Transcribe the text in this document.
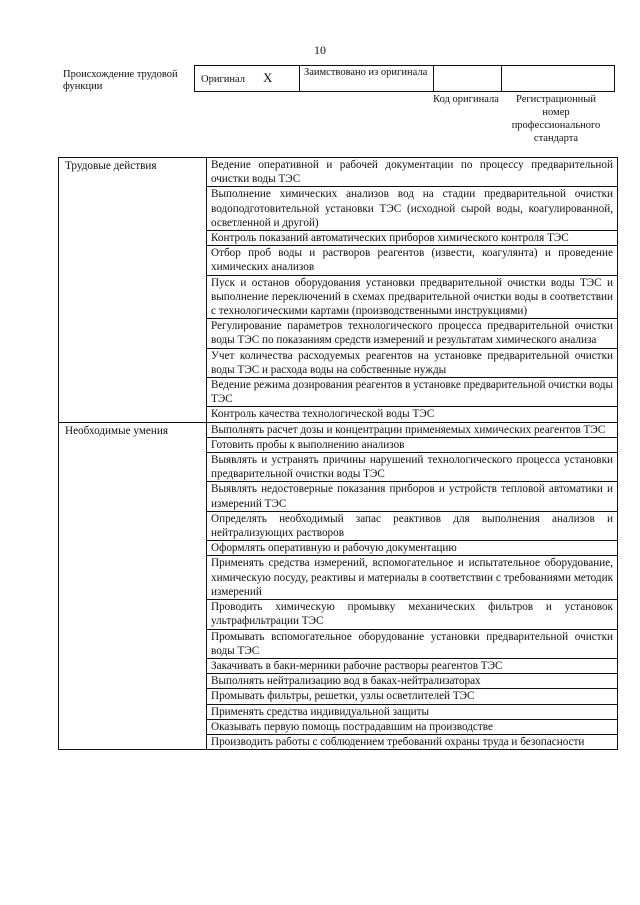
10
Происхождение трудовой функции
Оригинал X	Заимствовано из оригинала		
Код оригинала	Регистрационный номер профессионального стандарта
Трудовые действия	Ведение оперативной и рабочей документации по процессу предварительной очистки воды ТЭС
	Выполнение химических анализов вод на стадии предварительной очистки водоподготовительной установки ТЭС (исходной сырой воды, коагулированной, осветленной и другой)
	Контроль показаний автоматических приборов химического контроля ТЭС
	Отбор проб воды и растворов реагентов (извести, коагулянта) и проведение химических анализов
	Пуск и останов оборудования установки предварительной очистки воды ТЭС и выполнение переключений в схемах предварительной очистки воды в соответствии с технологическими картами (производственными инструкциями)
	Регулирование параметров технологического процесса предварительной очистки воды ТЭС по показаниям средств измерений и результатам химического анализа
	Учет количества расходуемых реагентов на установке предварительной очистки воды ТЭС и расхода воды на собственные нужды
	Ведение режима дозирования реагентов в установке предварительной очистки воды ТЭС
	Контроль качества технологической воды ТЭС
Необходимые умения	Выполнять расчет дозы и концентрации применяемых химических реагентов ТЭС
	Готовить пробы к выполнению анализов
	Выявлять и устранять причины нарушений технологического процесса установки предварительной очистки воды ТЭС
	Выявлять недостоверные показания приборов и устройств тепловой автоматики и измерений ТЭС
	Определять необходимый запас реактивов для выполнения анализов и нейтрализующих растворов
	Оформлять оперативную и рабочую документацию
	Применять средства измерений, вспомогательное и испытательное оборудование, химическую посуду, реактивы и материалы в соответствии с требованиями методик измерений
	Проводить химическую промывку механических фильтров и установок ультрафильтрации ТЭС
	Промывать вспомогательное оборудование установки предварительной очистки воды ТЭС
	Закачивать в баки-мерники рабочие растворы реагентов ТЭС
	Выполнять нейтрализацию вод в баках-нейтрализаторах
	Промывать фильтры, решетки, узлы осветлителей ТЭС
	Применять средства индивидуальной защиты
	Оказывать первую помощь пострадавшим на производстве
	Производить работы с соблюдением требований охраны труда и безопасности
